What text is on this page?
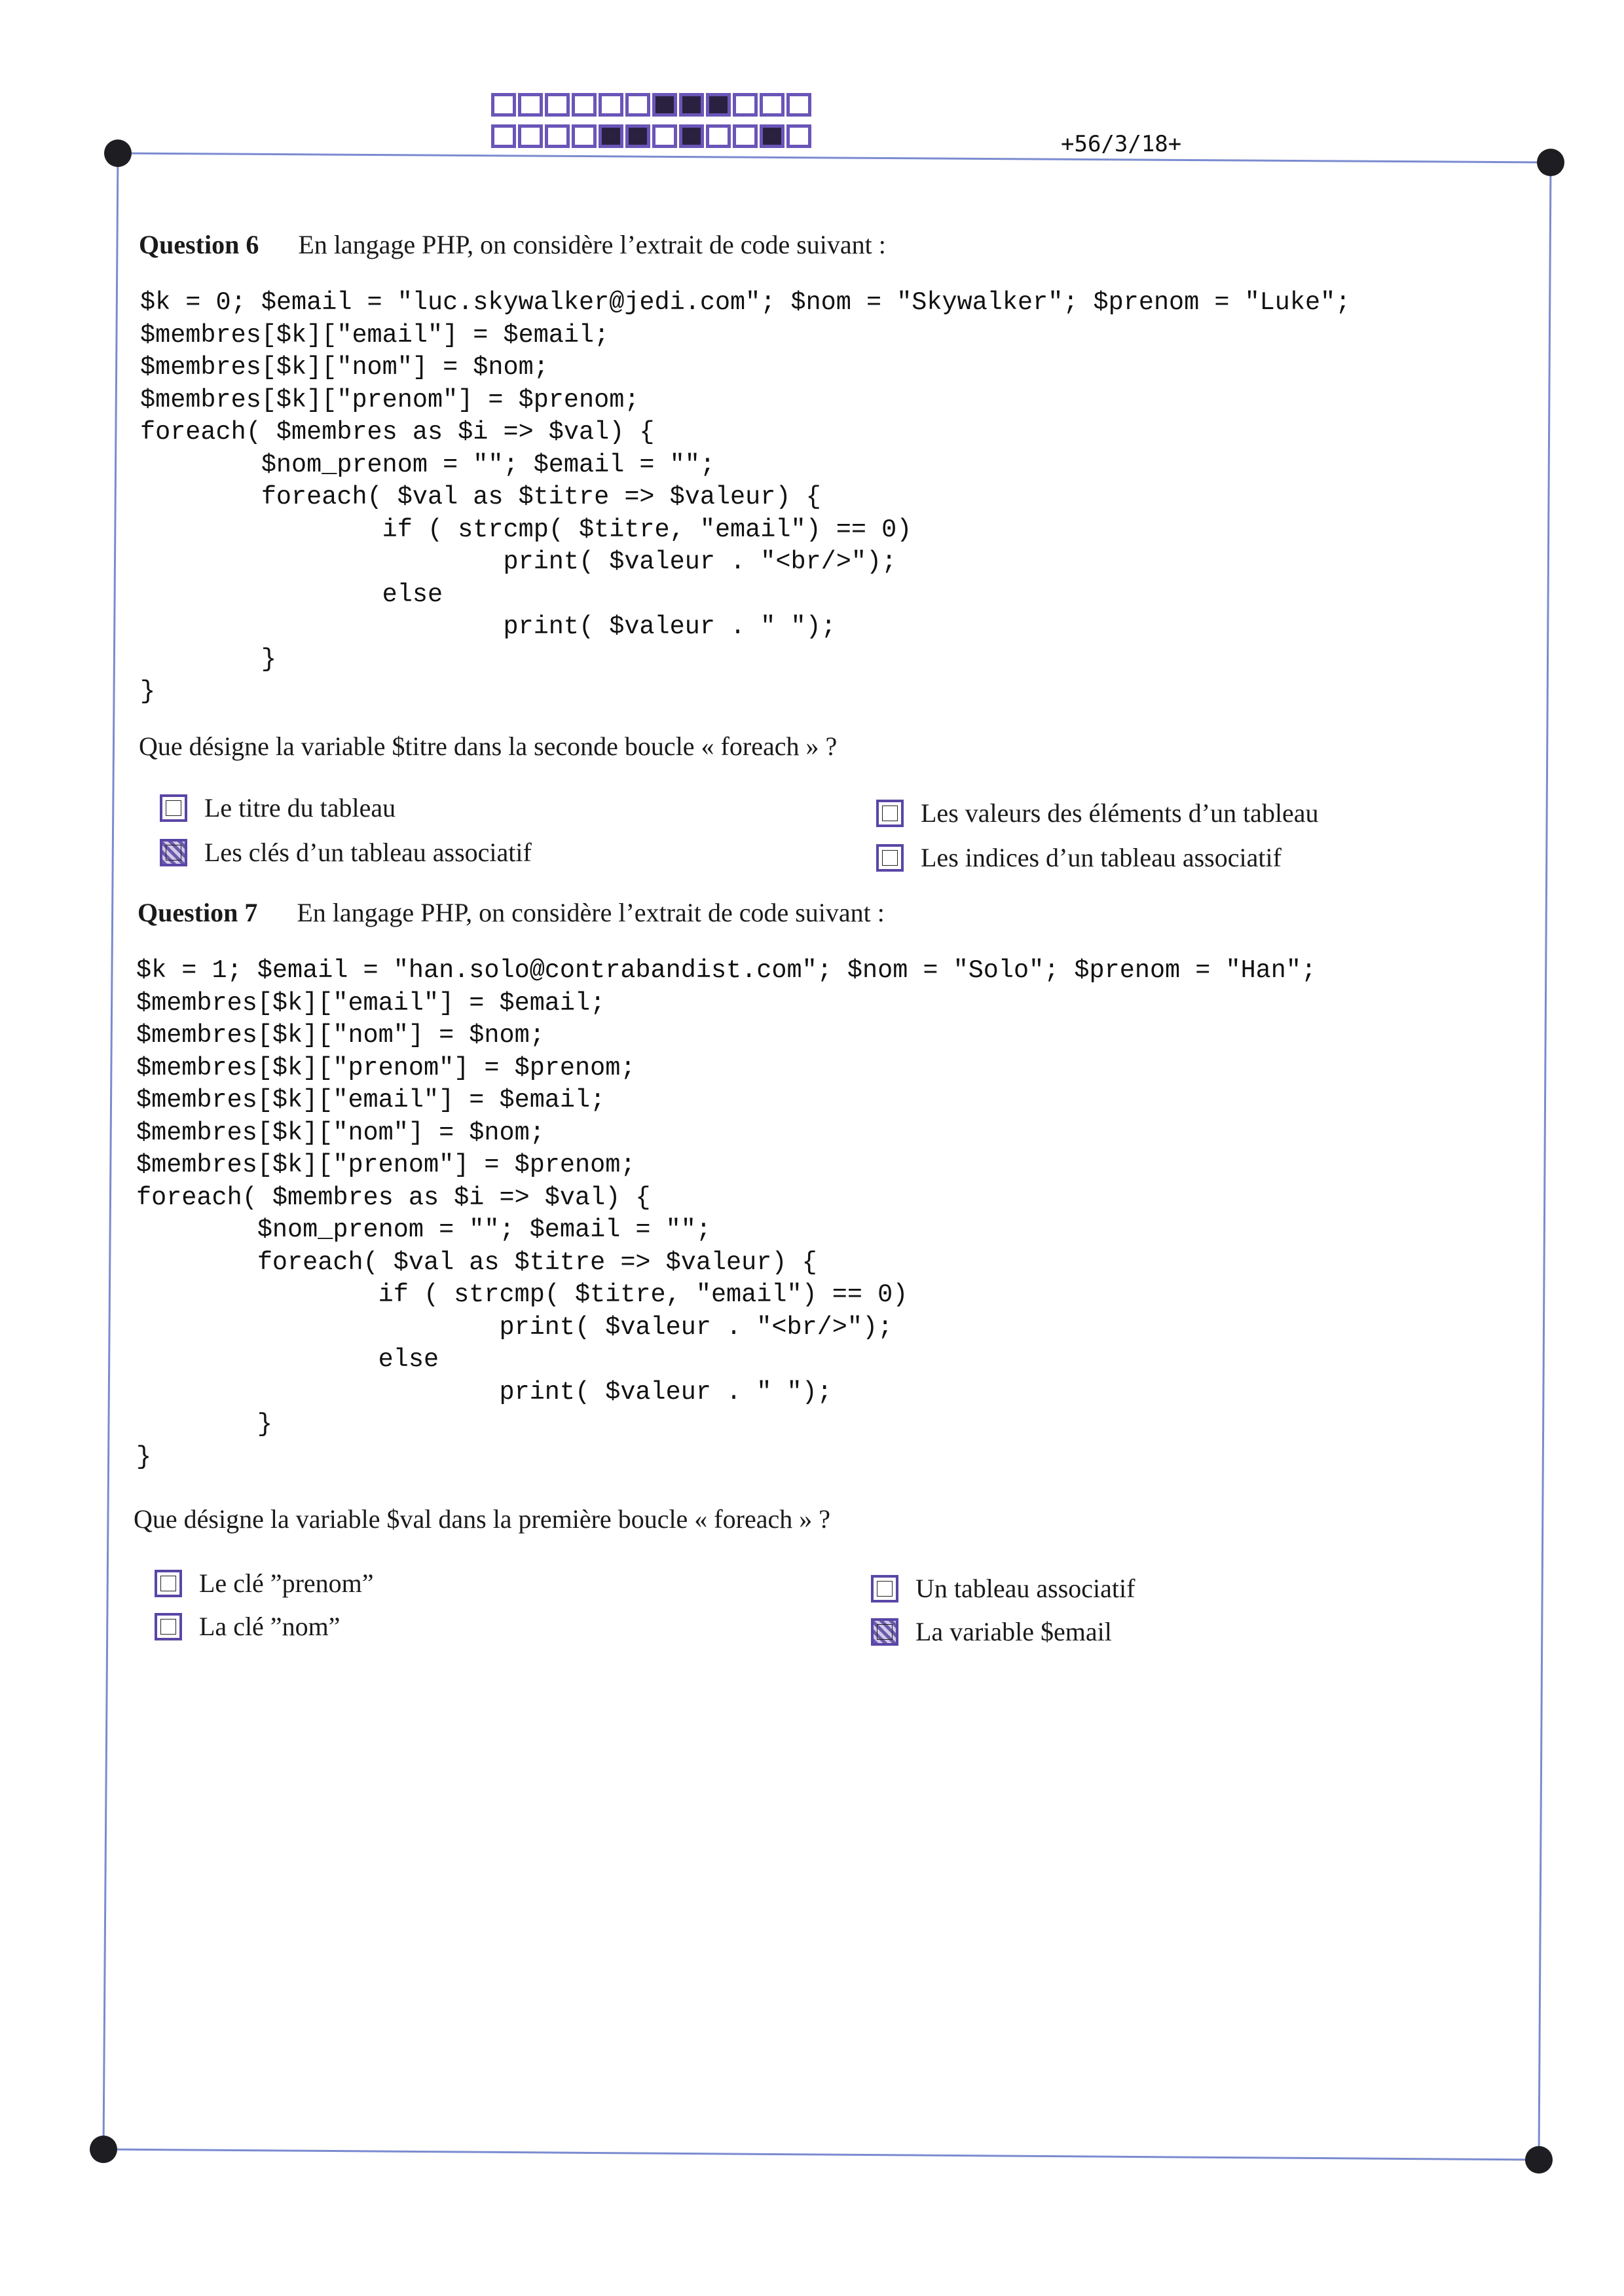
+56/3/18+
Question 6 En langage PHP, on considère l’extrait de code suivant :
$k = 0; $email = "luc.skywalker@jedi.com"; $nom = "Skywalker"; $prenom = "Luke";
$membres[$k]["email"] = $email;
$membres[$k]["nom"] = $nom;
$membres[$k]["prenom"] = $prenom;
foreach( $membres as $i => $val) {
$nom_prenom = ""; $email = "";
foreach( $val as $titre => $valeur) {
if ( strcmp( $titre, "email") == 0)
print( $valeur . "<br/>");
else
print( $valeur . " ");
}
}
Que désigne la variable $titre dans la seconde boucle « foreach » ?
Le titre du tableau
Les clés d’un tableau associatif
Les valeurs des éléments d’un tableau
Les indices d’un tableau associatif
Question 7 En langage PHP, on considère l’extrait de code suivant :
$k = 1; $email = "han.solo@contrabandist.com"; $nom = "Solo"; $prenom = "Han";
$membres[$k]["email"] = $email;
$membres[$k]["nom"] = $nom;
$membres[$k]["prenom"] = $prenom;
$membres[$k]["email"] = $email;
$membres[$k]["nom"] = $nom;
$membres[$k]["prenom"] = $prenom;
foreach( $membres as $i => $val) {
$nom_prenom = ""; $email = "";
foreach( $val as $titre => $valeur) {
if ( strcmp( $titre, "email") == 0)
print( $valeur . "<br/>");
else
print( $valeur . " ");
}
}
Que désigne la variable $val dans la première boucle « foreach » ?
Le clé ”prenom”
La clé ”nom”
Un tableau associatif
La variable $email
